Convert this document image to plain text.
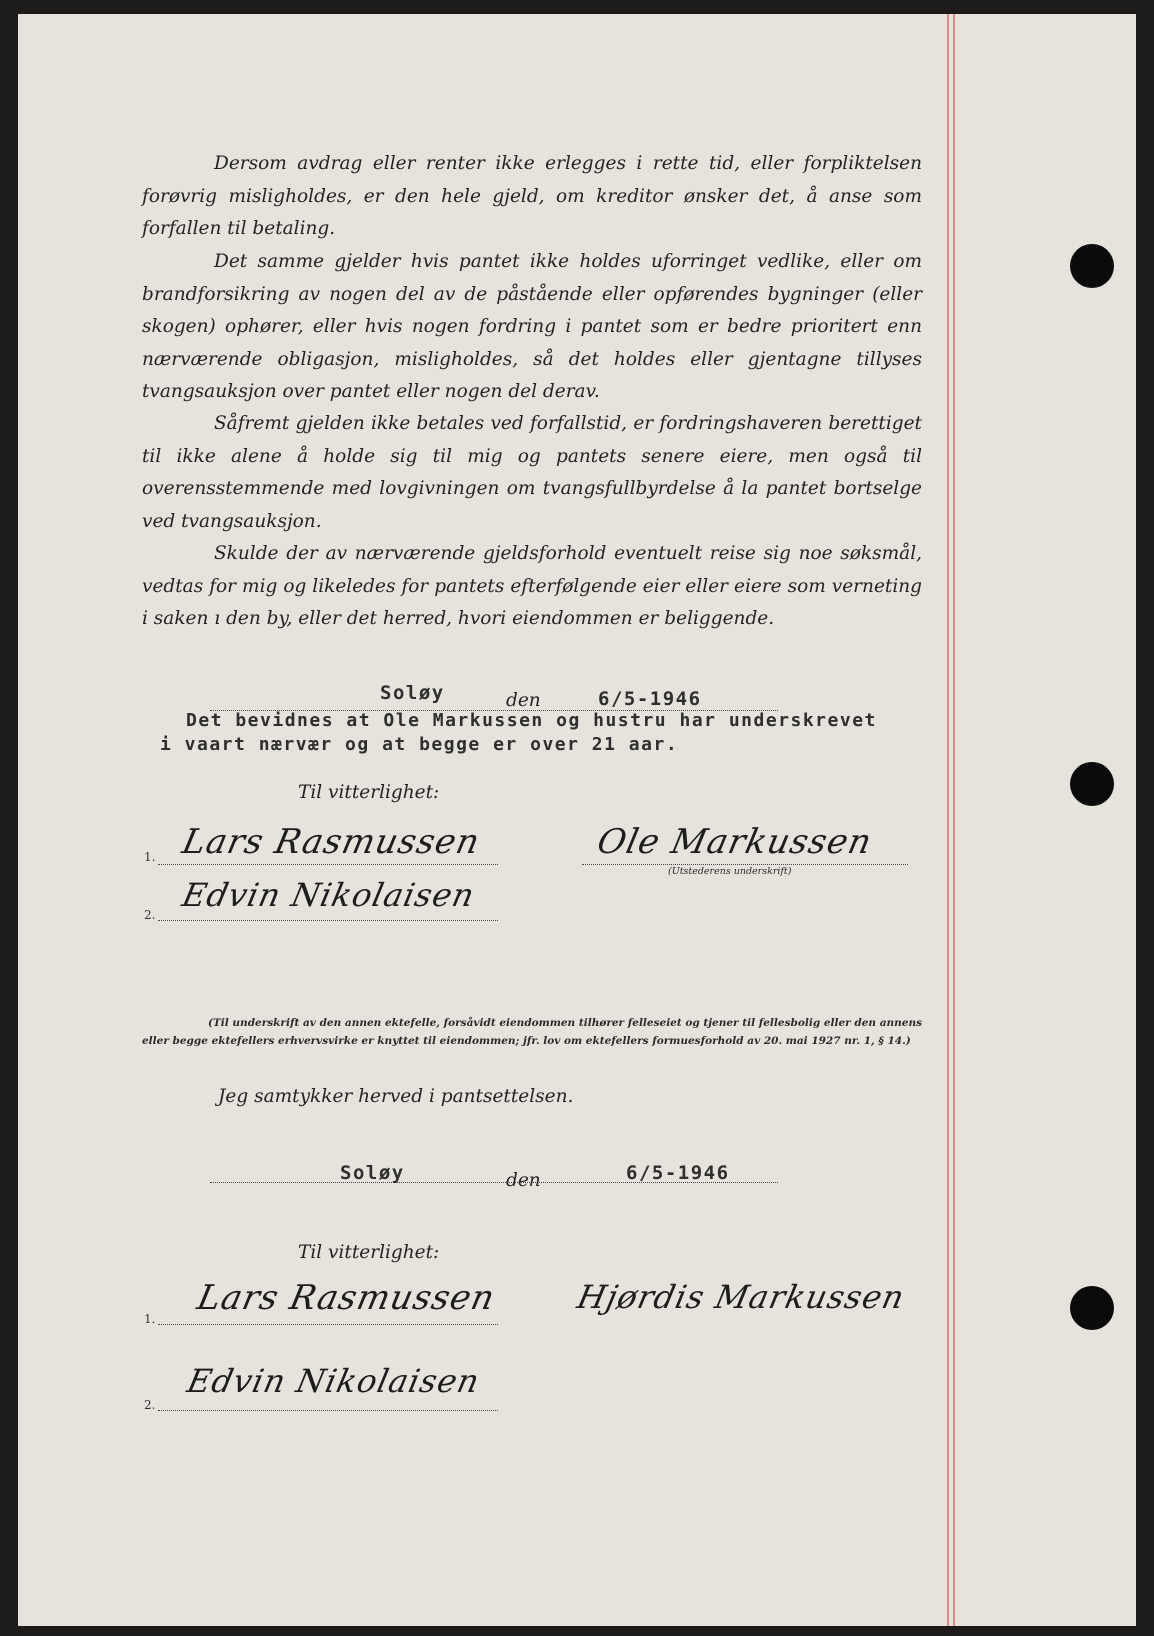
Dersom avdrag eller renter ikke erlegges i rette tid, eller forpliktelsen forøvrig misligholdes, er den hele gjeld, om kreditor ønsker det, å anse som forfallen til betaling.

Det samme gjelder hvis pantet ikke holdes uforringet vedlike, eller om brandforsikring av nogen del av de påstående eller opførendes bygninger (eller skogen) ophører, eller hvis nogen fordring i pantet som er bedre prioritert enn nærværende obligasjon, misligholdes, så det holdes eller gjentagne tillyses tvangsauksjon over pantet eller nogen del derav.

Såfremt gjelden ikke betales ved forfallstid, er fordringshaveren berettiget til ikke alene å holde sig til mig og pantets senere eiere, men også til overensstemmende med lovgivningen om tvangsfullbyrdelse å la pantet bortselge ved tvangsauksjon.

Skulde der av nærværende gjeldsforhold eventuelt reise sig noe søksmål, vedtas for mig og likeledes for pantets efterfølgende eier eller eiere som verneting i saken ı den by, eller det herred, hvori eiendommen er beliggende.

Soløy	den	6/5-1946
Det bevidnes at Ole Markussen og hustru har underskrevet
i vaart nærvær og at begge er over 21 aar.
Til vitterlighet:
1. Lars Rasmussen	Ole Markussen
(Utstederens underskrift)
2.
Edvin Nikolaisen

(Til underskrift av den annen ektefelle, forsåvidt eiendommen tilhører felleseiet og tjener til fellesbolig eller den annens eller begge ektefellers erhvervsvirke er knyttet til eiendommen; jfr. lov om ektefellers formuesforhold av 20. mai 1927 nr. 1, § 14.)

Jeg samtykker herved i pantsettelsen.
Soløy	den	6/5-1946
Til vitterlighet:
1.
Lars Rasmussen Hjørdis Markussen
2.
Edvin Nikolaisen
